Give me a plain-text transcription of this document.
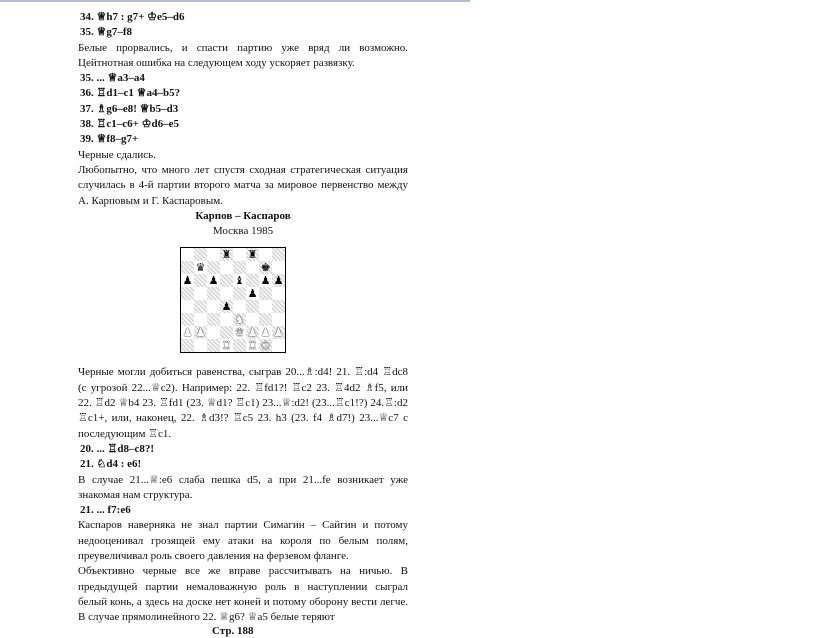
34. ♕h7 : g7+ ♔e5–d6
35. ♕g7–f8

Белые прорвались, и спасти партию уже вряд ли возможно. Цейтнотная ошибка на следующем ходу ускоряет развязку.

35. ... ♕a3–a4
36. ♖d1–c1 ♕a4–b5?
37. ♗g6–e8! ♕b5–d3
38. ♖c1–c6+ ♔d6–e5
39. ♕f8–g7+

Черные сдались.

Любопытно, что много лет спустя сходная стратегическая ситуация случилась в 4-й партии второго матча за мировое первенство между А. Карповым и Г. Каспаровым.

Карпов – Каспаров
Москва 1985
♜ ♜
♛	♚
♟ ♟ ♝ ♟ ♟
♟
♟
♞
♟ ♟	♛ ♟ ♟ ♟
♜ ♜ ♚

Черные могли добиться равенства, сыграв 20...♗:d4! 21. ♖:d4 ♖dc8 (с угрозой 22...♕c2). Например: 22. ♖fd1?! ♖c2 23. ♖4d2 ♗f5, или 22. ♖d2 ♕b4 23. ♖fd1 (23. ♕d1? ♖c1) 23...♕:d2! (23...♖c1!?) 24.♖:d2 ♖c1+, или, наконец, 22. ♗d3!? ♖c5 23. h3 (23. f4 ♗d7!) 23...♕c7 с последующим ♖c1.

20. ... ♖d8–c8?!
21. ♘d4 : e6!

В случае 21...♕:e6 слаба пешка d5, а при 21...fe возникает уже знакомая нам структура.

21. ... f7:e6

Каспаров наверняка не знал партии Симагин – Сайгин и потому недооценивал грозящей ему атаки на короля по белым полям, преувеличивал роль своего давления на ферзевом фланге.

Объективно черные все же вправе рассчитывать на ничью. В предыдущей партии немаловажную роль в наступлении сыграл белый конь, а здесь на доске нет коней и потому оборону вести легче. В случае прямолинейного 22. ♕g6? ♕a5 белые теряют

Стр. 188
